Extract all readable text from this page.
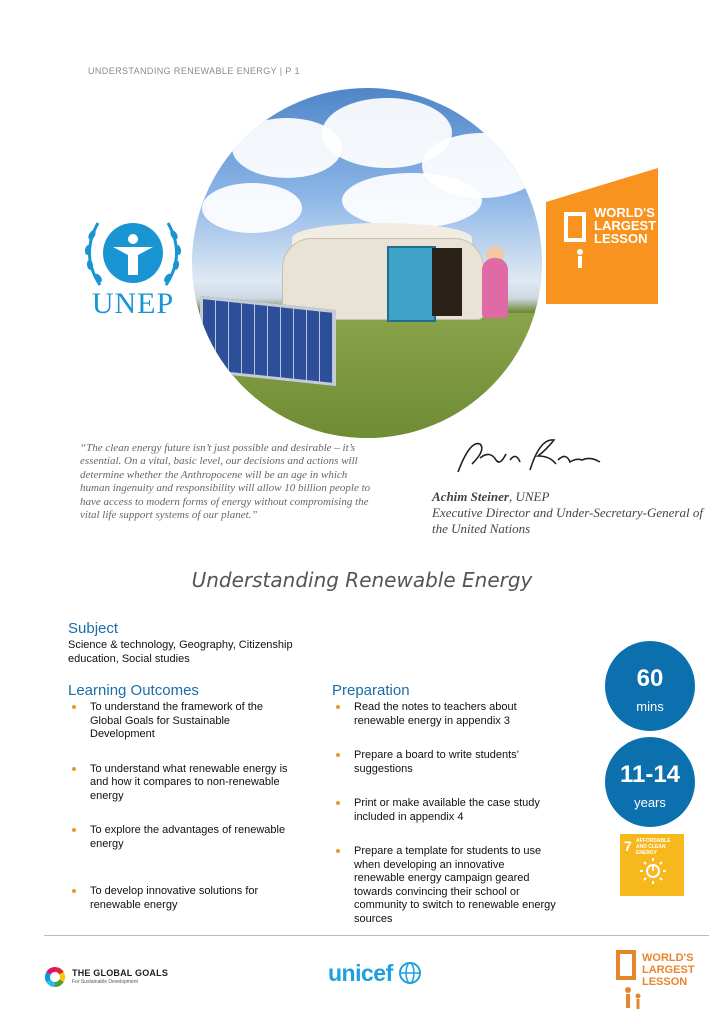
UNDERSTANDING RENEWABLE ENERGY | P 1
UNEP
WORLD'S LARGEST LESSON
“The clean energy future isn’t just possible and desirable – it’s essential. On a vital, basic level, our decisions and actions will determine whether the Anthropocene will be an age in which human ingenuity and responsibility will allow 10 billion people to have access to modern forms of energy without compromising the vital life support systems of our planet.”
Achim Steiner, UNEP
Executive Director and Under-Secretary-General of the United Nations
Understanding Renewable Energy
Subject
Science & technology, Geography, Citizenship education, Social studies
Learning Outcomes
To understand the framework of the Global Goals for Sustainable Development
To understand what renewable energy is and how it compares to non-renewable energy
To explore the advantages of renewable energy
To develop innovative solutions for renewable energy
Preparation
Read the notes to teachers about renewable energy in appendix 3
Prepare a board to write students’ suggestions
Print or make available the case study included in appendix 4
Prepare a template for students to use when developing an innovative renewable energy campaign geared towards convincing their school or community to switch to renewable energy sources
60
mins
11-14
years
7 AFFORDABLE AND CLEAN ENERGY
THE GLOBAL GOALS
For Sustainable Development	unicef
WORLD'S LARGEST LESSON
